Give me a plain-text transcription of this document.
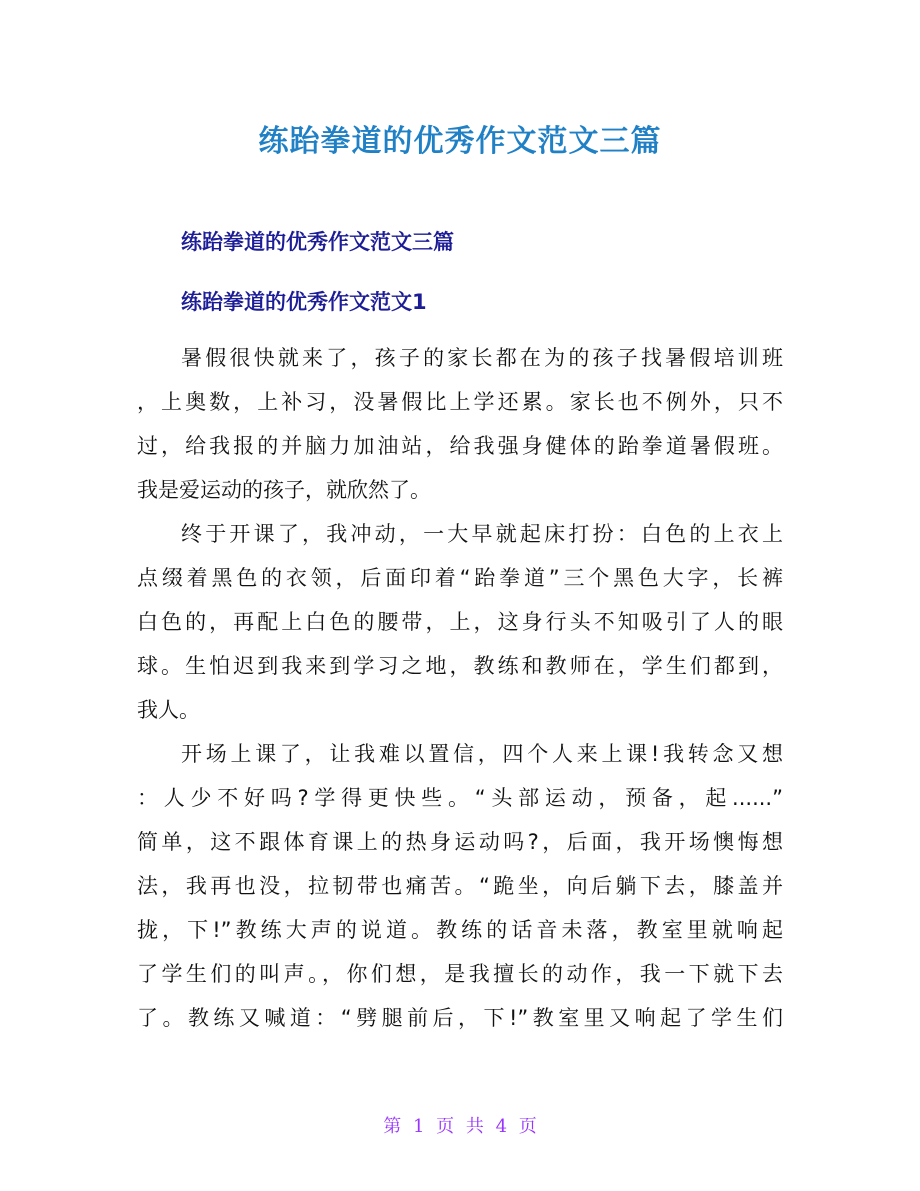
练跆拳道的优秀作文范文三篇
练跆拳道的优秀作文范文三篇
练跆拳道的优秀作文范文1
暑假很快就来了，孩子的家长都在为的孩子找暑假培训班
，上奥数，上补习，没暑假比上学还累。家长也不例外，只不
过，给我报的并脑力加油站，给我强身健体的跆拳道暑假班。
我是爱运动的孩子，就欣然了。
终于开课了，我冲动，一大早就起床打扮：白色的上衣上
点缀着黑色的衣领，后面印着“跆拳道”三个黑色大字，长裤
白色的，再配上白色的腰带，上，这身行头不知吸引了人的眼
球。生怕迟到我来到学习之地，教练和教师在，学生们都到，
我人。
开场上课了，让我难以置信，四个人来上课!我转念又想
：人少不好吗?学得更快些。“头部运动，预备，起......”
简单，这不跟体育课上的热身运动吗?，后面，我开场懊悔想
法，我再也没，拉韧带也痛苦。“跪坐，向后躺下去，膝盖并
拢，下!”教练大声的说道。教练的话音未落，教室里就响起
了学生们的叫声。，你们想，是我擅长的动作，我一下就下去
了。教练又喊道：“劈腿前后，下!”教室里又响起了学生们
第 1 页 共 4 页
